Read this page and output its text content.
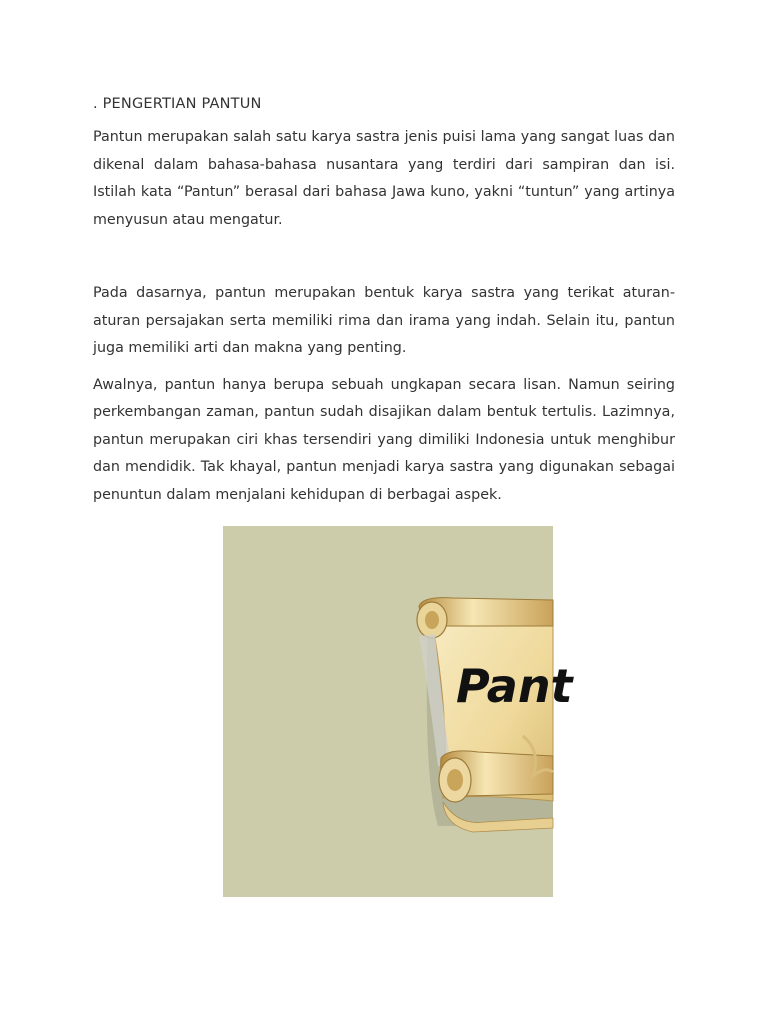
. PENGERTIAN PANTUN

Pantun merupakan salah satu karya sastra jenis puisi lama yang sangat luas dan dikenal dalam bahasa-bahasa nusantara yang terdiri dari sampiran dan isi. Istilah kata “Pantun” berasal dari bahasa Jawa kuno, yakni “tuntun” yang artinya menyusun atau mengatur.

Pada dasarnya, pantun merupakan bentuk karya sastra yang terikat aturan-aturan persajakan serta memiliki rima dan irama yang indah. Selain itu, pantun juga memiliki arti dan makna yang penting.

Awalnya, pantun hanya berupa sebuah ungkapan secara lisan. Namun seiring perkembangan zaman, pantun sudah disajikan dalam bentuk tertulis. Lazimnya, pantun merupakan ciri khas tersendiri yang dimiliki Indonesia untuk menghibur dan mendidik. Tak khayal, pantun menjadi karya sastra yang digunakan sebagai penuntun dalam menjalani kehidupan di berbagai aspek.

Pant
